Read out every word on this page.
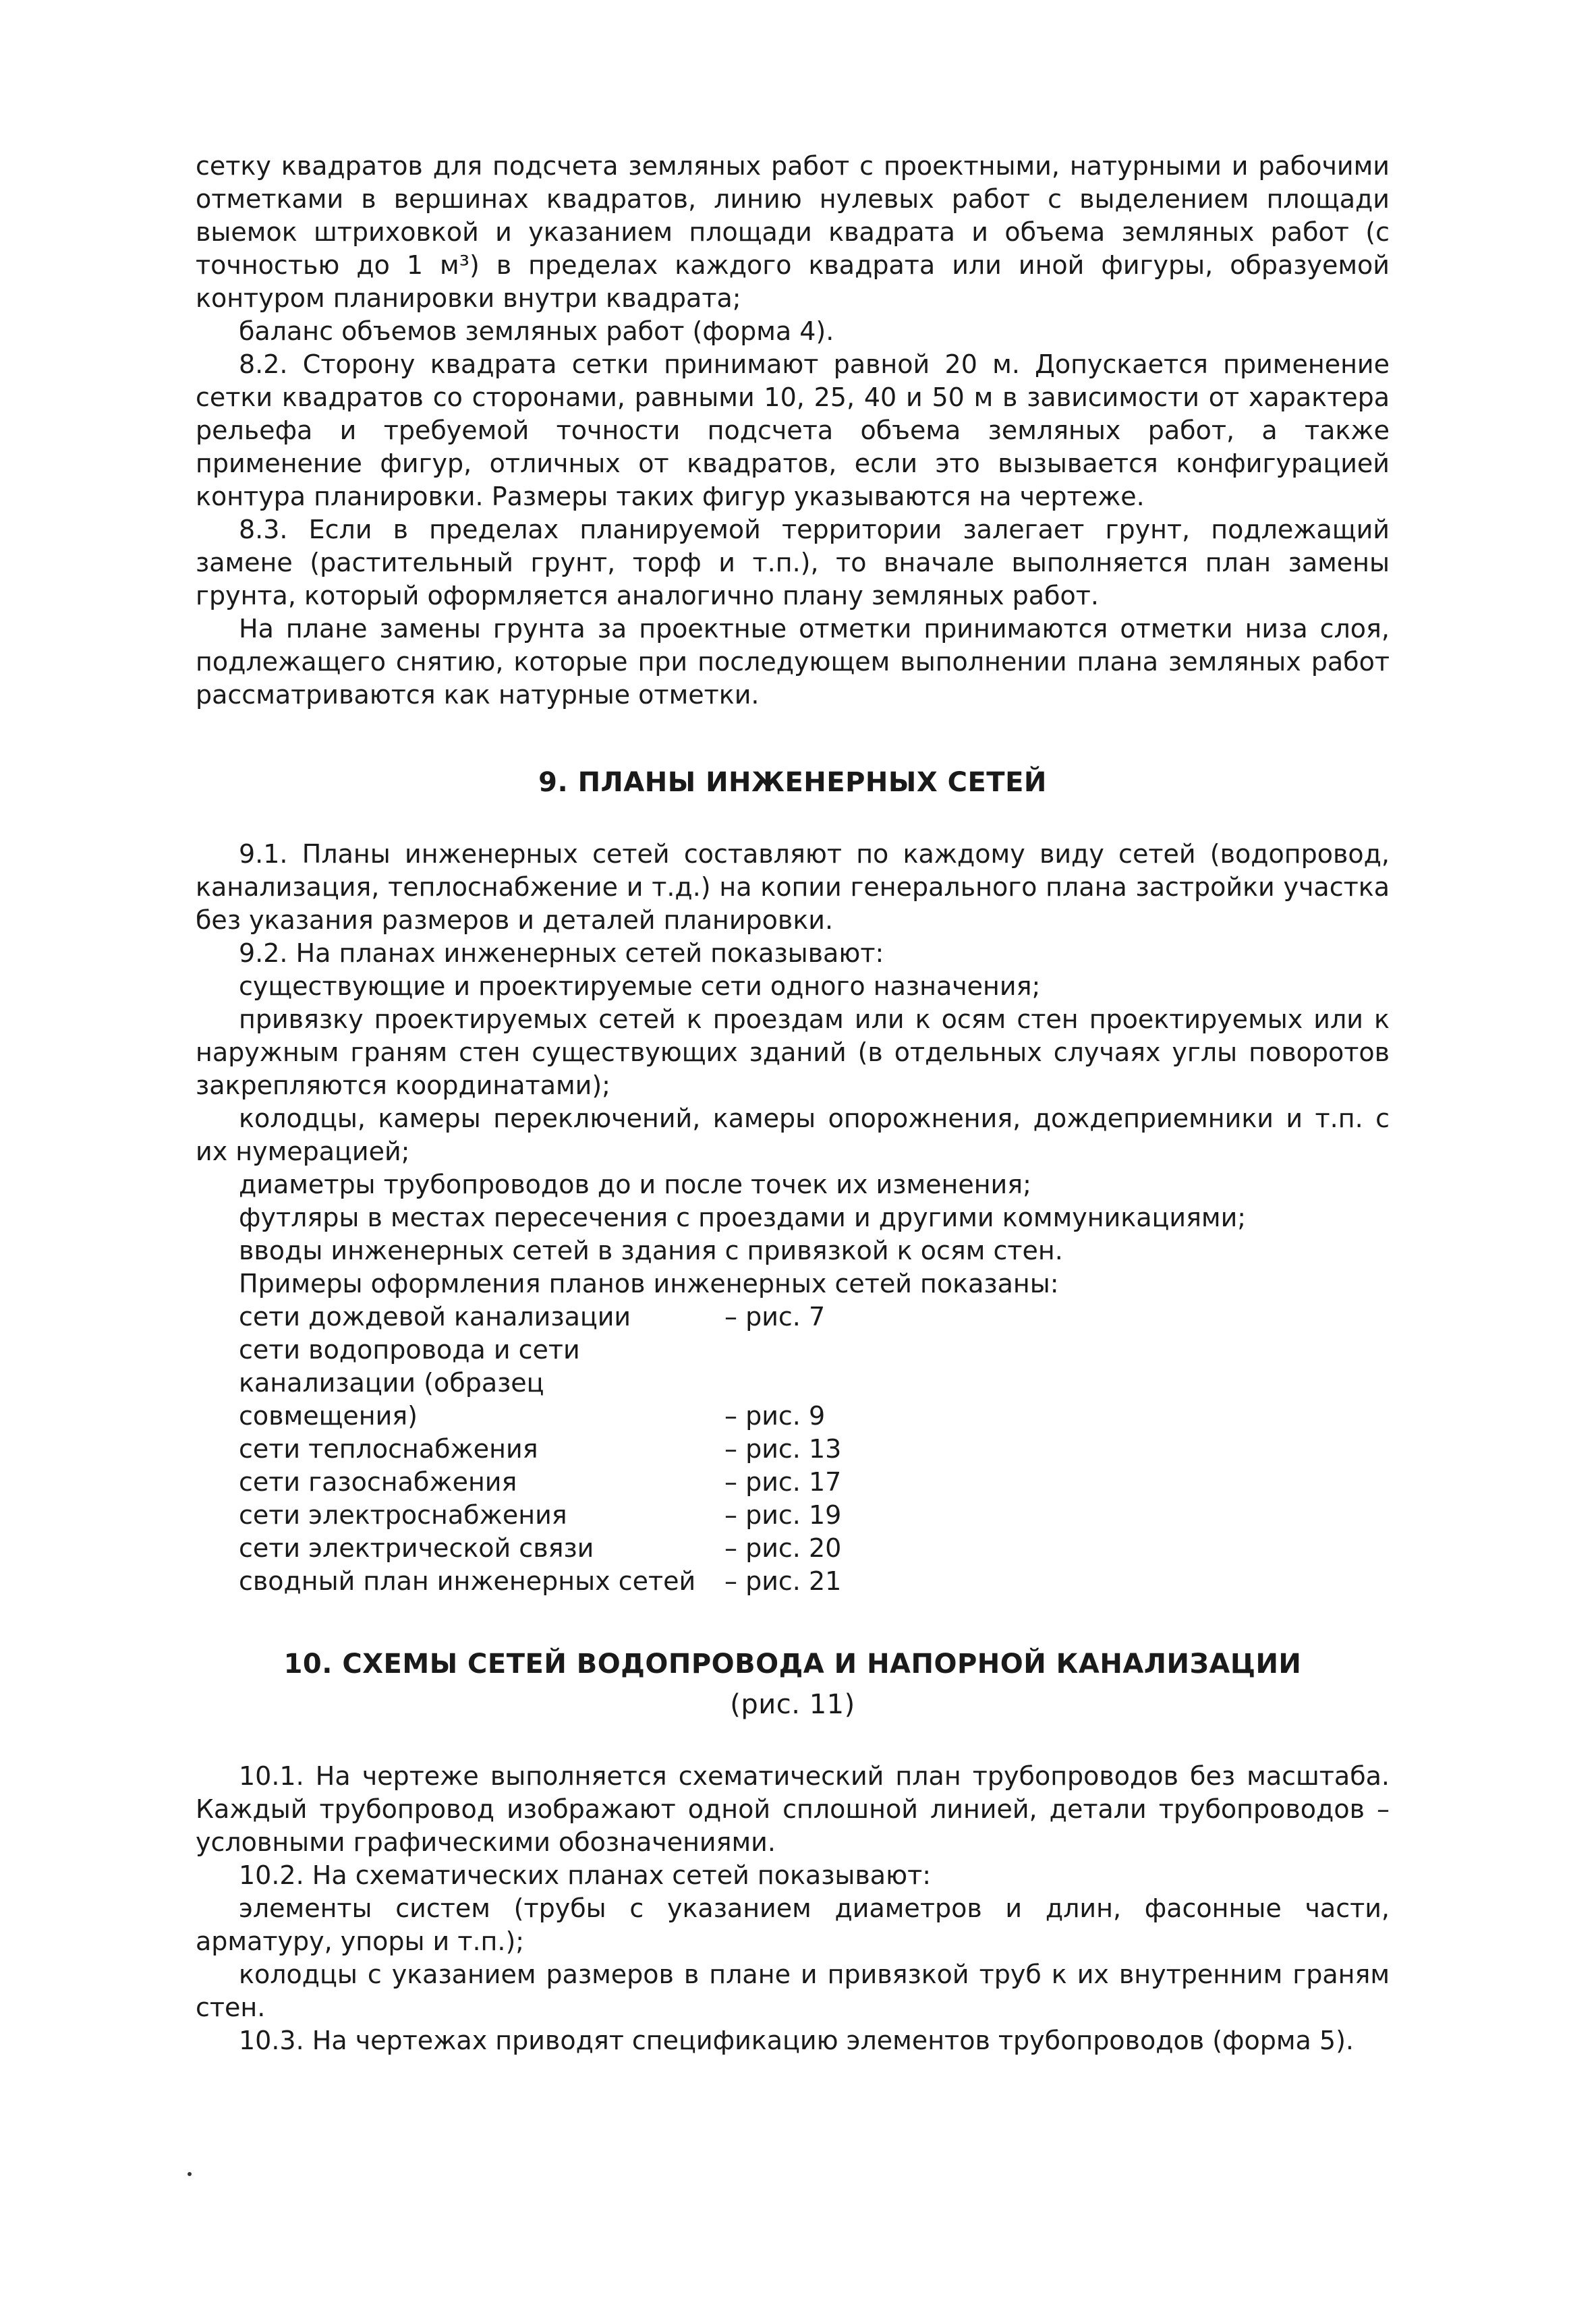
сетку квадратов для подсчета земляных работ с проектными, натурными и рабочими отметками в вершинах квадратов, линию нулевых работ с выделением площади выемок штриховкой и указанием площади квадрата и объема земляных работ (с точностью до 1 м³) в пределах каждого квадрата или иной фигуры, образуемой контуром планировки внутри квадрата;

баланс объемов земляных работ (форма 4).

8.2. Сторону квадрата сетки принимают равной 20 м. Допускается применение сетки квадратов со сторонами, равными 10, 25, 40 и 50 м в зависимости от характера рельефа и требуемой точности подсчета объема земляных работ, а также применение фигур, отличных от квадратов, если это вызывается конфигурацией контура планировки. Размеры таких фигур указываются на чертеже.

8.3. Если в пределах планируемой территории залегает грунт, подлежащий замене (растительный грунт, торф и т.п.), то вначале выполняется план замены грунта, который оформляется аналогично плану земляных работ.

На плане замены грунта за проектные отметки принимаются отметки низа слоя, подлежащего снятию, которые при последующем выполнении плана земляных работ рассматриваются как натурные отметки.

9. ПЛАНЫ ИНЖЕНЕРНЫХ СЕТЕЙ

9.1. Планы инженерных сетей составляют по каждому виду сетей (водопровод, канализация, теплоснабжение и т.д.) на копии генерального плана застройки участка без указания размеров и деталей планировки.

9.2. На планах инженерных сетей показывают:

существующие и проектируемые сети одного назначения;

привязку проектируемых сетей к проездам или к осям стен проектируемых или к наружным граням стен существующих зданий (в отдельных случаях углы поворотов закрепляются координатами);

колодцы, камеры переключений, камеры опорожнения, дождеприемники и т.п. с их нумерацией;

диаметры трубопроводов до и после точек их изменения;

футляры в местах пересечения с проездами и другими коммуникациями;

вводы инженерных сетей в здания с привязкой к осям стен.

Примеры оформления планов инженерных сетей показаны:

сети дождевой канализации	– рис. 7
сети водопровода и сети канализации (образец совмещения)	– рис. 9
сети теплоснабжения	– рис. 13
сети газоснабжения	– рис. 17
сети электроснабжения	– рис. 19
сети электрической связи	– рис. 20
сводный план инженерных сетей	– рис. 21
10. СХЕМЫ СЕТЕЙ ВОДОПРОВОДА И НАПОРНОЙ КАНАЛИЗАЦИИ
(рис. 11)

10.1. На чертеже выполняется схематический план трубопроводов без масштаба. Каждый трубопровод изображают одной сплошной линией, детали трубопроводов – условными графическими обозначениями.

10.2. На схематических планах сетей показывают:

элементы систем (трубы с указанием диаметров и длин, фасонные части, арматуру, упоры и т.п.);

колодцы с указанием размеров в плане и привязкой труб к их внутренним граням стен.

10.3. На чертежах приводят спецификацию элементов трубопроводов (форма 5).
